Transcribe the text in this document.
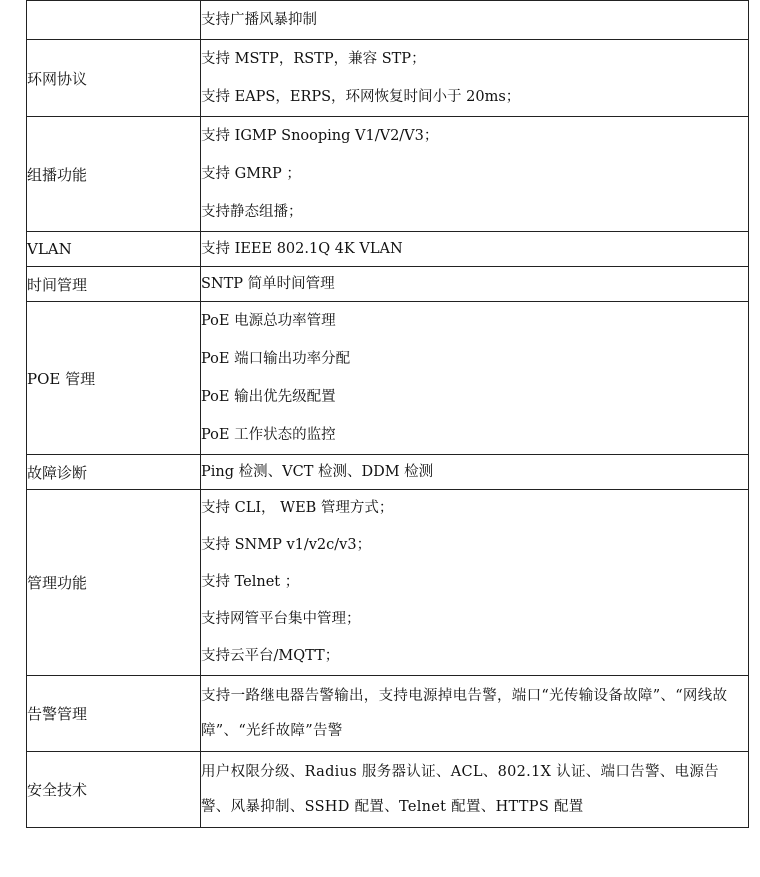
	支持广播风暴抑制

环网协议	支持 MSTP，RSTP，兼容 STP；
支持 EAPS，ERPS，环网恢复时间小于 20ms；

组播功能	支持 IGMP Snooping V1/V2/V3；
支持 GMRP ；
支持静态组播；

VLAN	支持 IEEE 802.1Q 4K VLAN

时间管理	SNTP 简单时间管理

POE 管理	PoE 电源总功率管理
PoE 端口输出功率分配
PoE 输出优先级配置
PoE 工作状态的监控

故障诊断	Ping 检测、VCT 检测、DDM 检测

管理功能	支持 CLI， WEB 管理方式；
支持 SNMP v1/v2c/v3；
支持 Telnet ；
支持网管平台集中管理；
支持云平台/MQTT；

告警管理	支持一路继电器告警输出，支持电源掉电告警，端口“光传输设备故障”、“网线故障”、“光纤故障”告警

安全技术	用户权限分级、Radius 服务器认证、ACL、802.1X 认证、端口告警、电源告警、风暴抑制、SSHD 配置、Telnet 配置、HTTPS 配置
